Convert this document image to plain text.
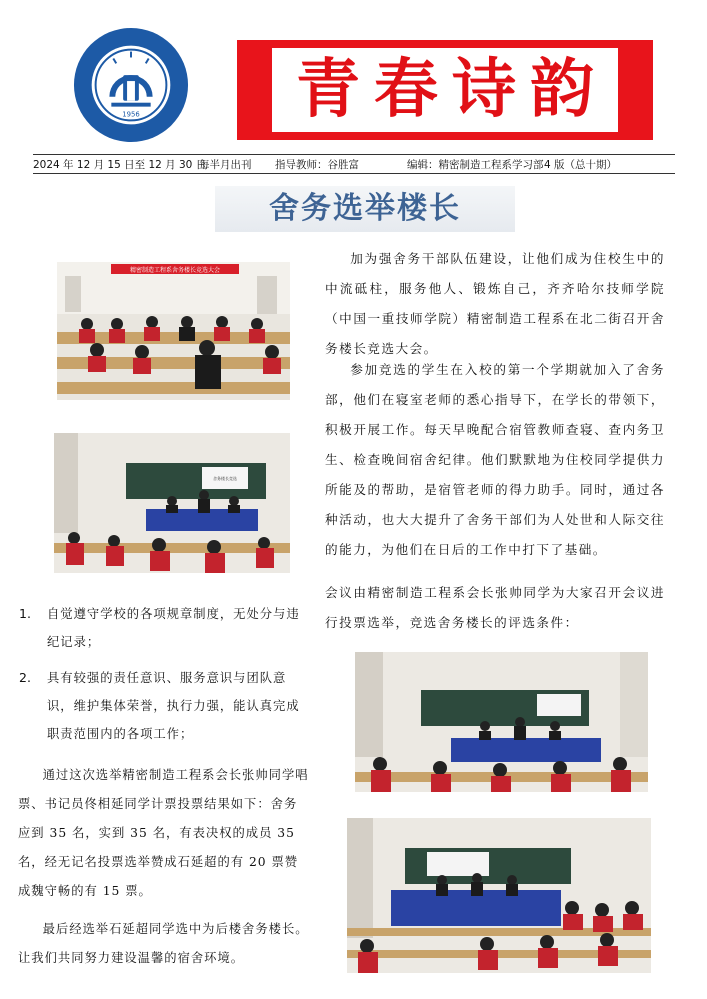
1956	青春诗韵
2024 年 12 月 15 日至 12 月 30 日
每半月出刊 指导教师：谷胜富	编辑：精密制造工程系学习部 4 版（总十期）
舍务选举楼长
精密制造工程系舍务楼长竞选大会
舍务楼长竞选
加为强舍务干部队伍建设，让他们成为住校生中的中流砥柱，服务他人、锻炼自己，齐齐哈尔技师学院（中国一重技师学院）精密制造工程系在北二街召开舍务楼长竞选大会。
参加竞选的学生在入校的第一个学期就加入了舍务部，他们在寝室老师的悉心指导下，在学长的带领下，积极开展工作。每天早晚配合宿管教师查寝、查内务卫生、检查晚间宿舍纪律。他们默默地为住校同学提供力所能及的帮助，是宿管老师的得力助手。同时，通过各种活动，也大大提升了舍务干部们为人处世和人际交往的能力，为他们在日后的工作中打下了基础。
会议由精密制造工程系会长张帅同学为大家召开会议进行投票选举，竞选舍务楼长的评选条件：
1.	自觉遵守学校的各项规章制度，无处分与违纪记录；
2.	具有较强的责任意识、服务意识与团队意识，维护集体荣誉，执行力强，能认真完成职责范围内的各项工作；
通过这次选举精密制造工程系会长张帅同学唱票、书记员佟相延同学计票投票结果如下：舍务应到 35 名，实到 35 名，有表决权的成员 35 名，经无记名投票选举赞成石延超的有 20 票赞成魏守畅的有 15 票。
最后经选举石延超同学选中为后楼舍务楼长。让我们共同努力建设温馨的宿舍环境。
